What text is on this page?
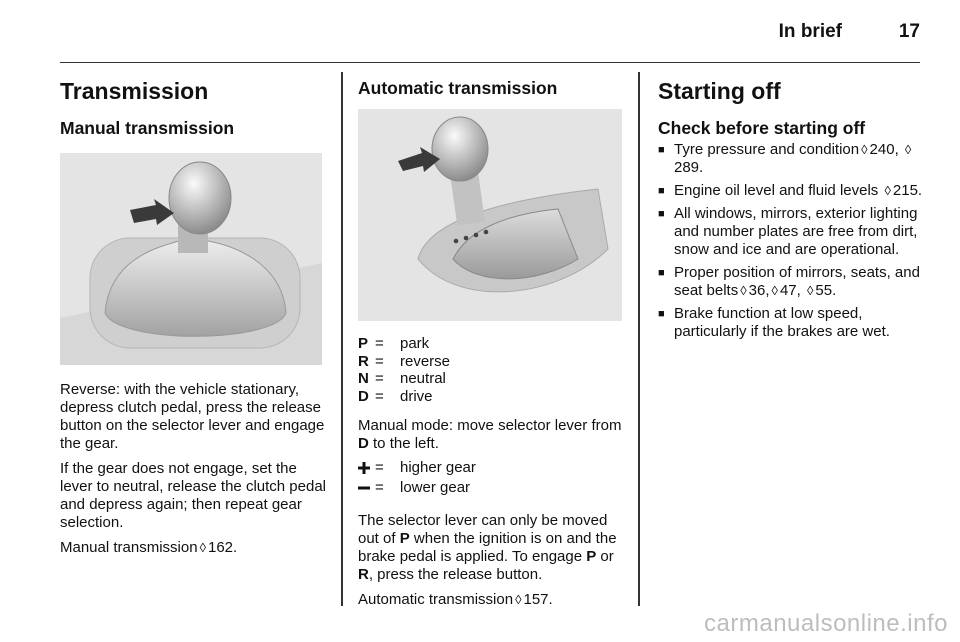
In brief	17
Transmission
Manual transmission

Reverse: with the vehicle stationary, depress clutch pedal, press the release button on the selector lever and engage the gear.

If the gear does not engage, set the lever to neutral, release the clutch pedal and depress again; then repeat gear selection.

Manual transmission ◊ 162.

Automatic transmission
P =	park
R =	reverse
N =	neutral
D =	drive

Manual mode: move selector lever from D to the left.

=	higher gear
=	lower gear

The selector lever can only be moved out of P when the ignition is on and the brake pedal is applied. To engage P or R, press the release button.

Automatic transmission ◊ 157.

Starting off
Check before starting off
■ Tyre pressure and condition ◊ 240, ◊289.
■ Engine oil level and fluid levels ◊ 215.
■ All windows, mirrors, exterior lighting and number plates are free from dirt, snow and ice and are operational.
■ Proper position of mirrors, seats, and seat belts ◊ 36, ◊ 47, ◊ 55.
■ Brake function at low speed, particularly if the brakes are wet.
carmanualsonline.info
